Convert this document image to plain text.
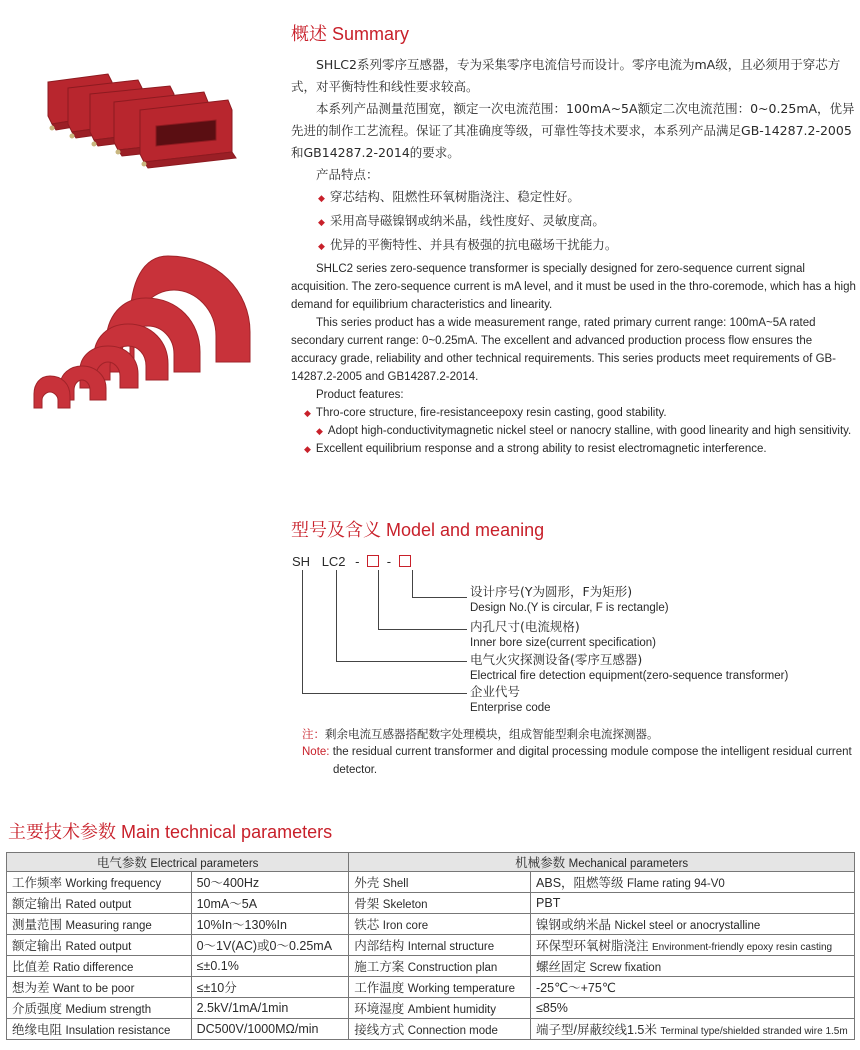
概述 Summary

SHLC2系列零序互感器，专为采集零序电流信号而设计。零序电流为mA级，且必须用于穿芯方式，对平衡特性和线性要求较高。

本系列产品测量范围宽，额定一次电流范围：100mA~5A额定二次电流范围：0~0.25mA，优异先进的制作工艺流程。保证了其准确度等级，可靠性等技术要求，本系列产品满足GB-14287.2-2005和GB14287.2-2014的要求。

产品特点：

◆ 穿芯结构、阻燃性环氧树脂浇注、稳定性好。

◆ 采用高导磁镍钢或纳米晶，线性度好、灵敏度高。

◆ 优异的平衡特性、并具有极强的抗电磁场干扰能力。

SHLC2 series zero-sequence transformer is specially designed for zero-sequence current signal acquisition. The zero-sequence current is mA level, and it must be used in the thro-coremode, which has a high demand for equilibrium characteristics and linearity.

This series product has a wide measurement range, rated primary current range: 100mA~5A rated secondary current range: 0~0.25mA. The excellent and advanced production process flow ensures the accuracy grade, reliability and other technical requirements. This series products meet requirements of GB-14287.2-2005 and GB14287.2-2014.

Product features:

◆ Thro-core structure, fire-resistanceepoxy resin casting, good stability.

◆ Adopt high-conductivitymagnetic nickel steel or nanocry stalline, with good linearity and high sensitivity.

◆ Excellent equilibrium response and a strong ability to resist electromagnetic interference.

型号及含义 Model and meaning
SH LC2 - -
设计序号(Y为圆形，F为矩形)
Design No.(Y is circular, F is rectangle)
内孔尺寸(电流规格)
Inner bore size(current specification)
电气火灾探测设备(零序互感器)
Electrical fire detection equipment(zero-sequence transformer)
企业代号
Enterprise code
注：剩余电流互感器搭配数字处理模块，组成智能型剩余电流探测器。
Note: the residual current transformer and digital processing module compose the intelligent residual current detector.
主要技术参数 Main technical parameters
电气参数 Electrical parameters		机械参数 Mechanical parameters	
工作频率 Working frequency	50～400Hz	外壳 Shell	ABS，阻燃等级 Flame rating 94-V0
额定输出 Rated output	10mA～5A	骨架 Skeleton	PBT
测量范围 Measuring range	10%In～130%In	铁芯 Iron core	镍钢或纳米晶 Nickel steel or anocrystalline
额定输出 Rated output	0～1V(AC)或0～0.25mA	内部结构 Internal structure	环保型环氧树脂浇注 Environment-friendly epoxy resin casting
比值差 Ratio difference	≤±0.1%	施工方案 Construction plan	螺丝固定 Screw fixation
想为差 Want to be poor	≤±10分	工作温度 Working temperature	-25℃～+75℃
介质强度 Medium strength	2.5kV/1mA/1min	环境湿度 Ambient humidity	≤85%
绝缘电阻 Insulation resistance	DC500V/1000MΩ/min	接线方式 Connection mode	端子型/屏蔽绞线1.5米 Terminal type/shielded stranded wire 1.5m
